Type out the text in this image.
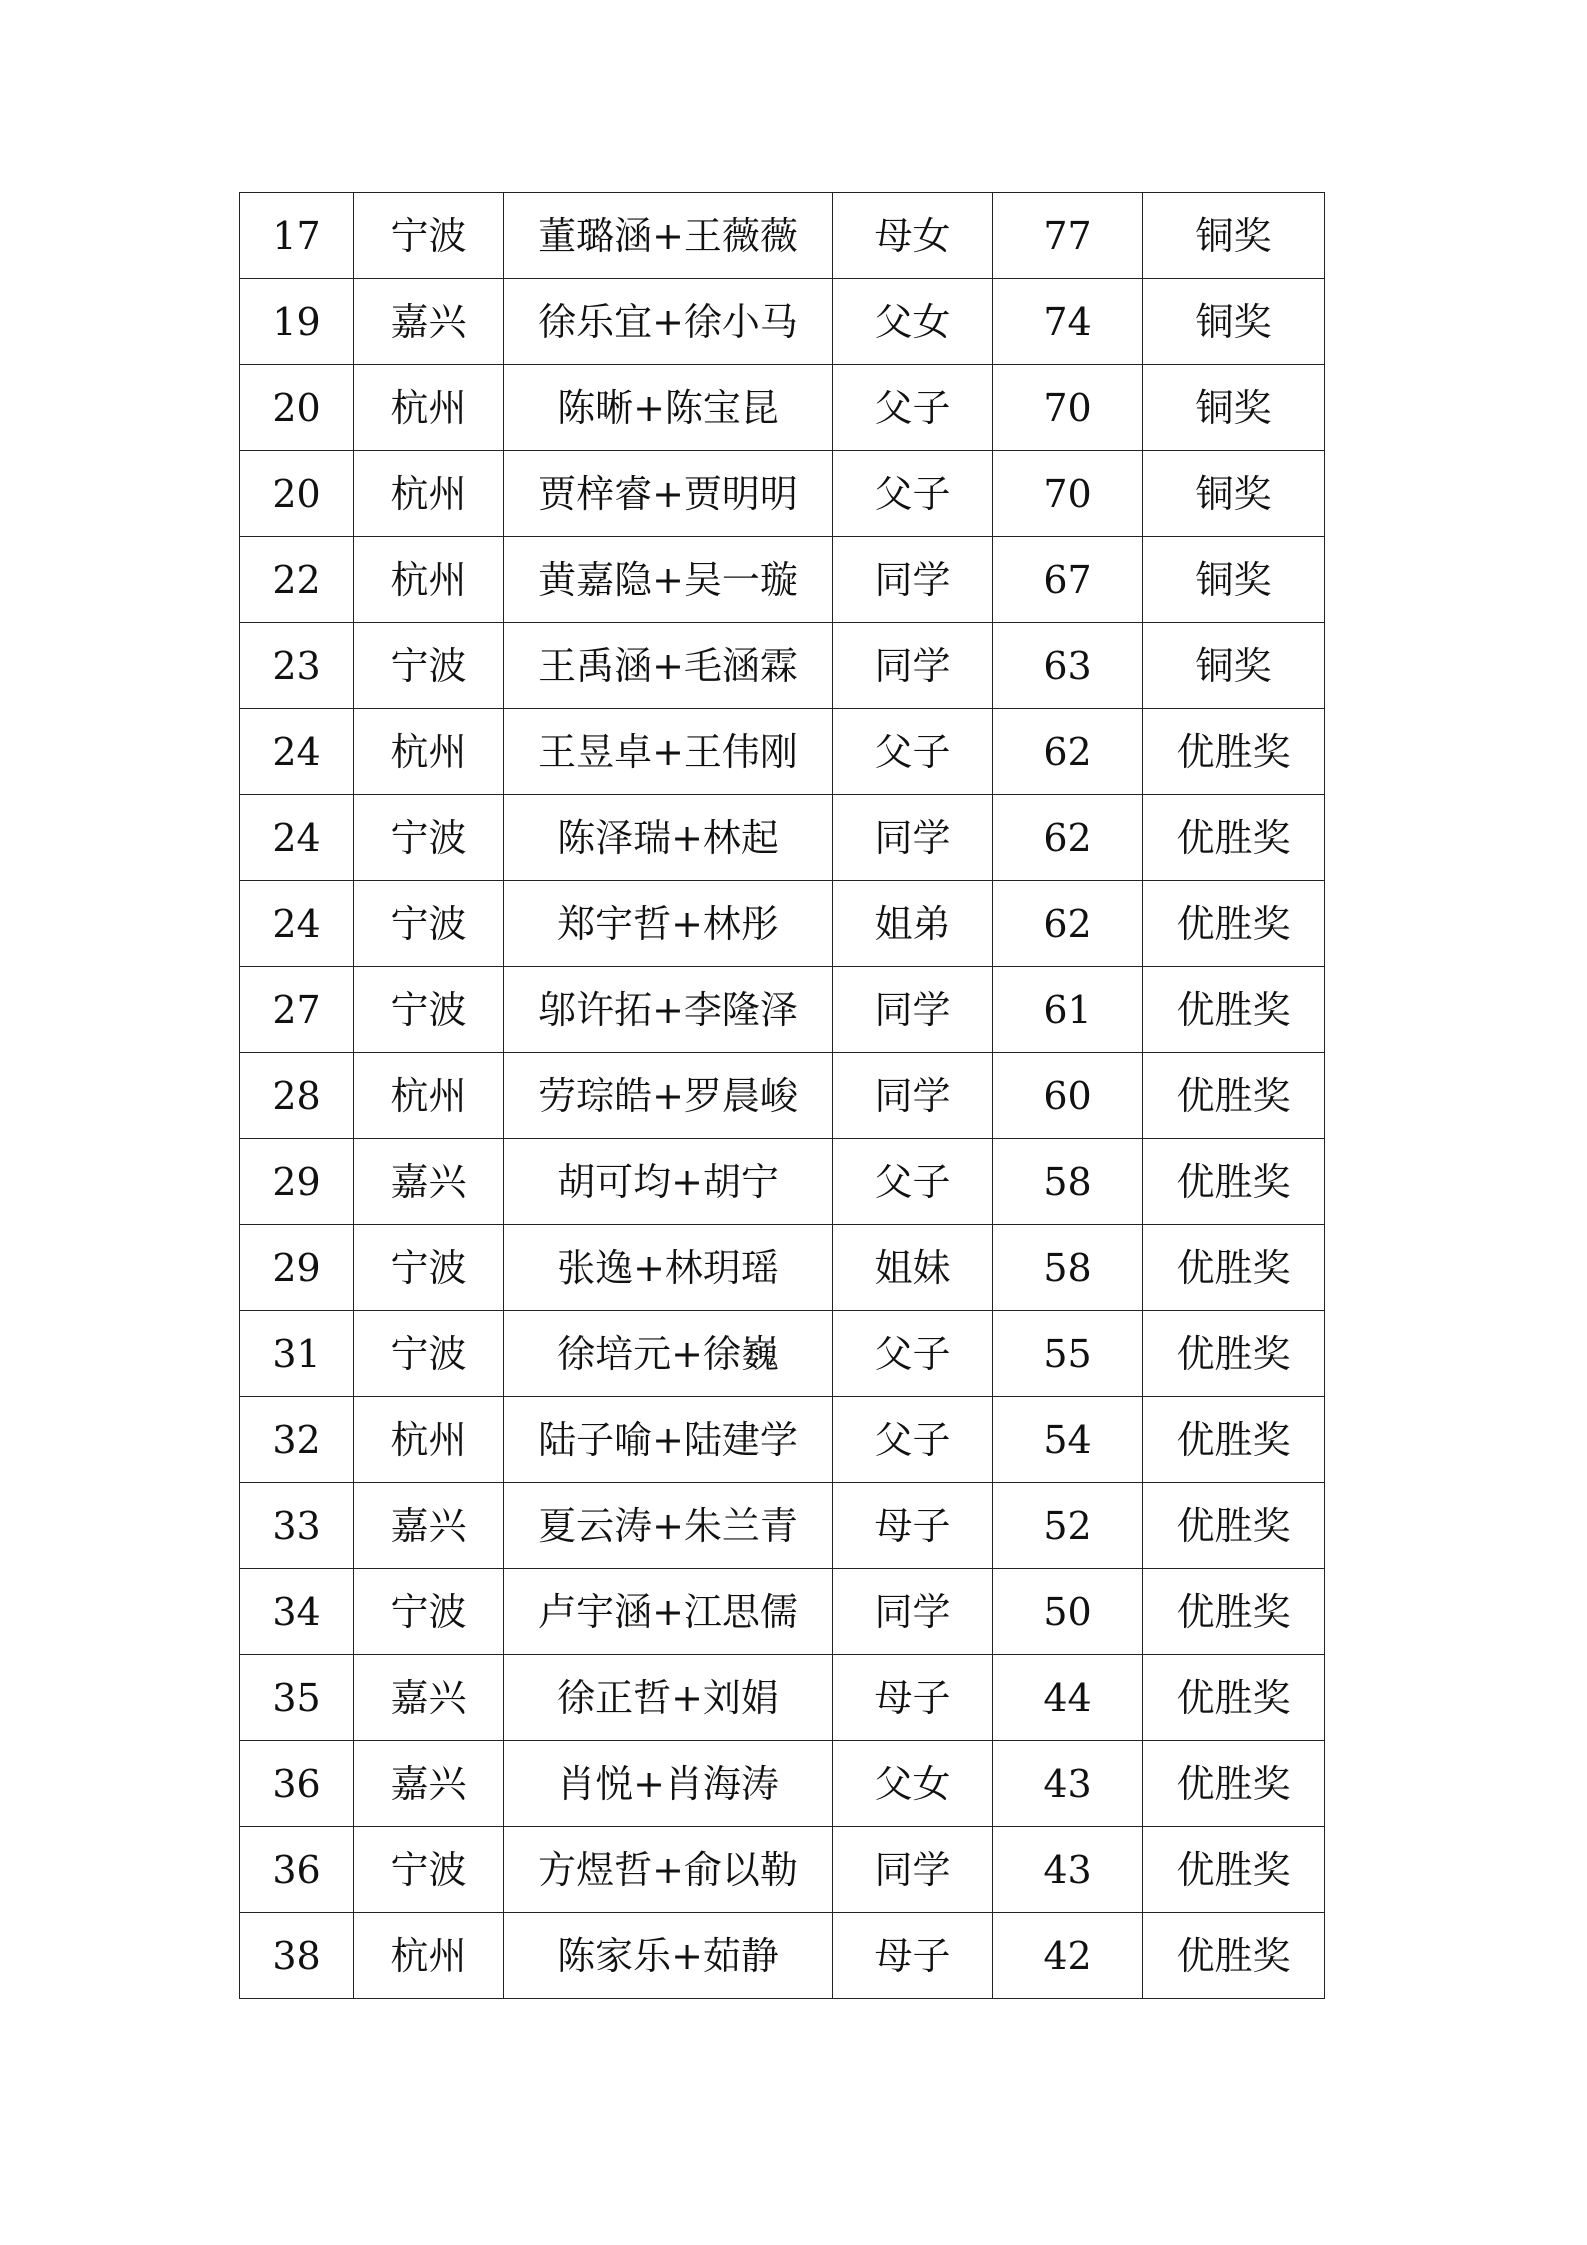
17	宁波	董璐涵+王薇薇	母女	77	铜奖
19	嘉兴	徐乐宜+徐小马	父女	74	铜奖
20	杭州	陈晰+陈宝昆	父子	70	铜奖
20	杭州	贾梓睿+贾明明	父子	70	铜奖
22	杭州	黄嘉隐+吴一璇	同学	67	铜奖
23	宁波	王禹涵+毛涵霖	同学	63	铜奖
24	杭州	王昱卓+王伟刚	父子	62	优胜奖
24	宁波	陈泽瑞+林起	同学	62	优胜奖
24	宁波	郑宇哲+林彤	姐弟	62	优胜奖
27	宁波	邬许拓+李隆泽	同学	61	优胜奖
28	杭州	劳琮皓+罗晨峻	同学	60	优胜奖
29	嘉兴	胡可均+胡宁	父子	58	优胜奖
29	宁波	张逸+林玥瑶	姐妹	58	优胜奖
31	宁波	徐培元+徐巍	父子	55	优胜奖
32	杭州	陆子喻+陆建学	父子	54	优胜奖
33	嘉兴	夏云涛+朱兰青	母子	52	优胜奖
34	宁波	卢宇涵+江思儒	同学	50	优胜奖
35	嘉兴	徐正哲+刘娟	母子	44	优胜奖
36	嘉兴	肖悦+肖海涛	父女	43	优胜奖
36	宁波	方煜哲+俞以勒	同学	43	优胜奖
38	杭州	陈家乐+茹静	母子	42	优胜奖
